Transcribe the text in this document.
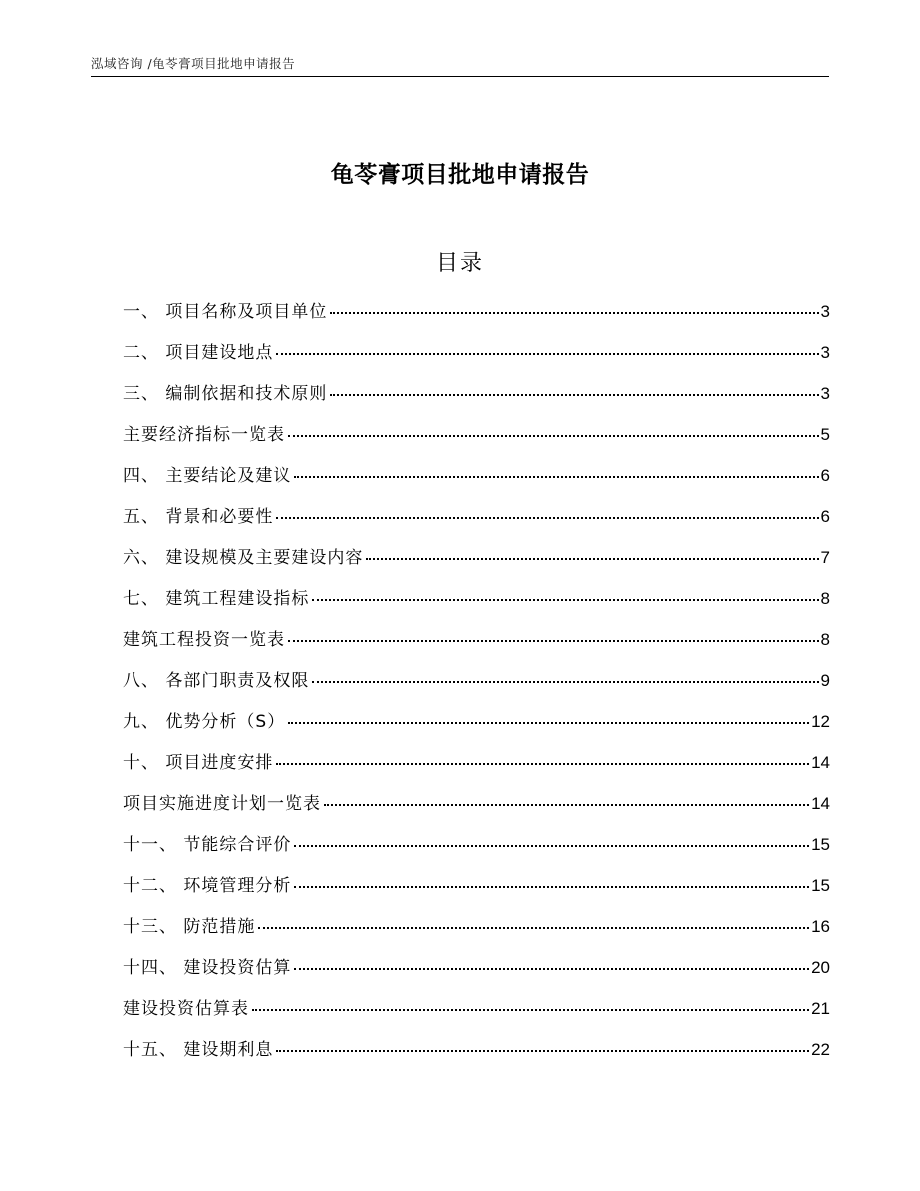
泓域咨询 /龟苓膏项目批地申请报告
龟苓膏项目批地申请报告
目录
一、 项目名称及项目单位	3
二、 项目建设地点	3
三、 编制依据和技术原则	3
主要经济指标一览表	5
四、 主要结论及建议	6
五、 背景和必要性	6
六、 建设规模及主要建设内容	7
七、 建筑工程建设指标	8
建筑工程投资一览表	8
八、 各部门职责及权限	9
九、 优势分析（S）	12
十、 项目进度安排	14
项目实施进度计划一览表	14
十一、 节能综合评价	15
十二、 环境管理分析	15
十三、 防范措施	16
十四、 建设投资估算	20
建设投资估算表	21
十五、 建设期利息	22
